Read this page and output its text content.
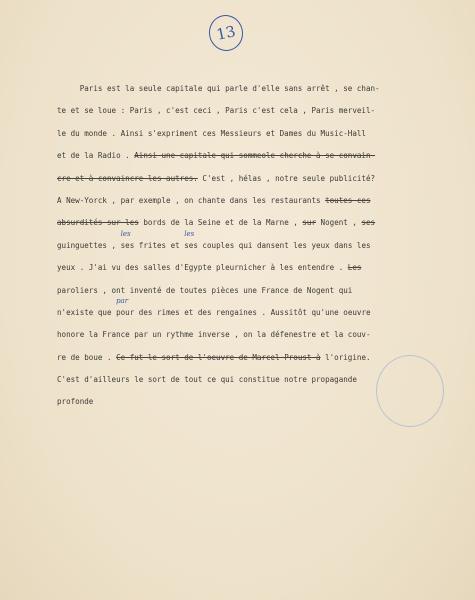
13
Paris est la seule capitale qui parle d'elle sans arrêt , se chan-
te et se loue : Paris , c'est ceci , Paris c'est cela , Paris merveil-
le du monde . Ainsi s'expriment ces Messieurs et Dames du Music-Hall
et de la Radio . Ainsi une capitale qui sommeole cherche à se convain-
cre et à convaincre les autres. C'est , hélas , notre seule publicité?
A New-Yorck , par exemple , on chante dans les restaurants toutes ces
absurdités sur les bords de la Seine et de la Marne , sur Nogent , ses
guinguettes , ses
les
frites et ses
les
couples qui dansent les yeux dans les
yeux . J'ai vu des salles d'Egypte pleurnicher à les entendre . Les
paroliers , ont inventé de toutes pièces une France de Nogent qui
n'existe que pour
par
des rimes et des rengaines . Aussitôt qu'une oeuvre
honore la France par un rythme inverse , on la défenestre et la couv-
re de boue . Ce fut le sort de l'oeuvre de Marcel Proust à l'origine.
C'est d'ailleurs le sort de tout ce qui constitue notre propagande
profonde
